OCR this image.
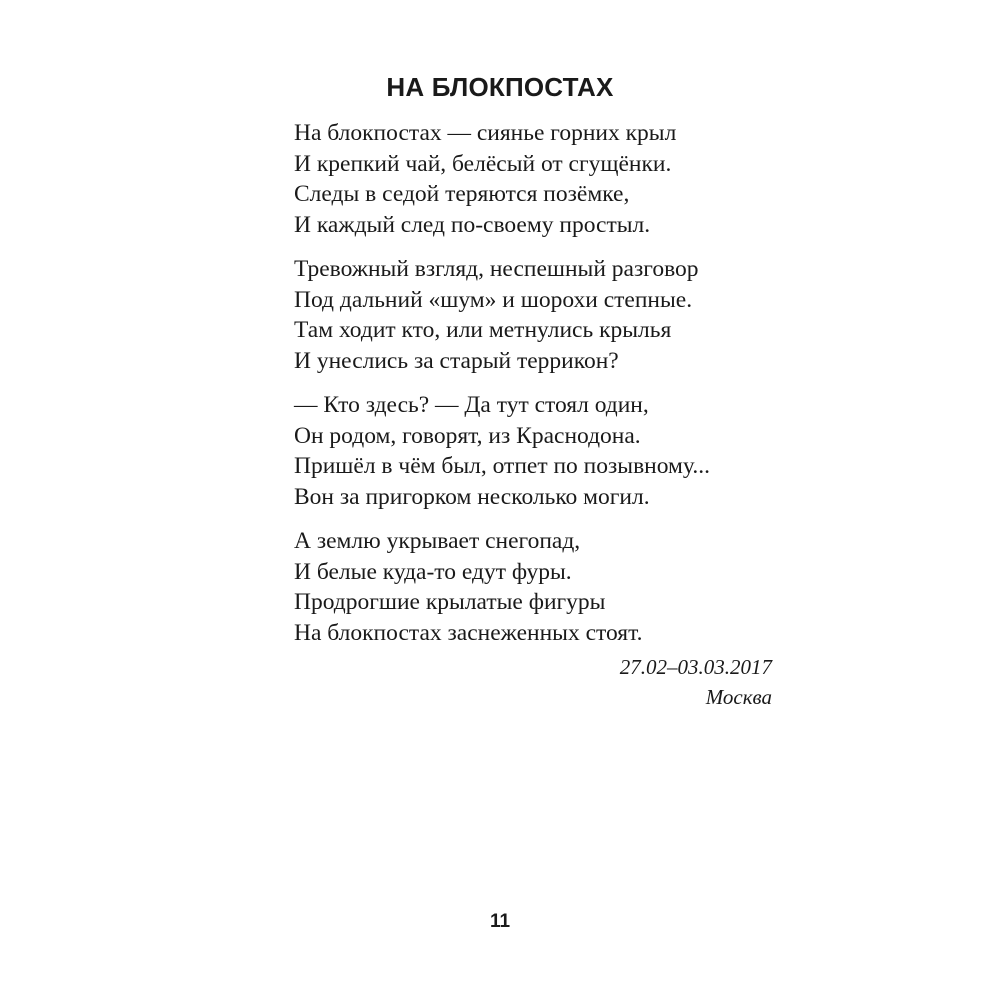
НА БЛОКПОСТАХ
На блокпостах — сиянье горних крыл
И крепкий чай, белёсый от сгущёнки.
Следы в седой теряются позёмке,
И каждый след по-своему простыл.
Тревожный взгляд, неспешный разговор
Под дальний «шум» и шорохи степные.
Там ходит кто, или метнулись крылья
И унеслись за старый террикон?
— Кто здесь? — Да тут стоял один,
Он родом, говорят, из Краснодона.
Пришёл в чём был, отпет по позывному...
Вон за пригорком несколько могил.
А землю укрывает снегопад,
И белые куда-то едут фуры.
Продрогшие крылатые фигуры
На блокпостах заснеженных стоят.
27.02–03.03.2017
Москва
11
